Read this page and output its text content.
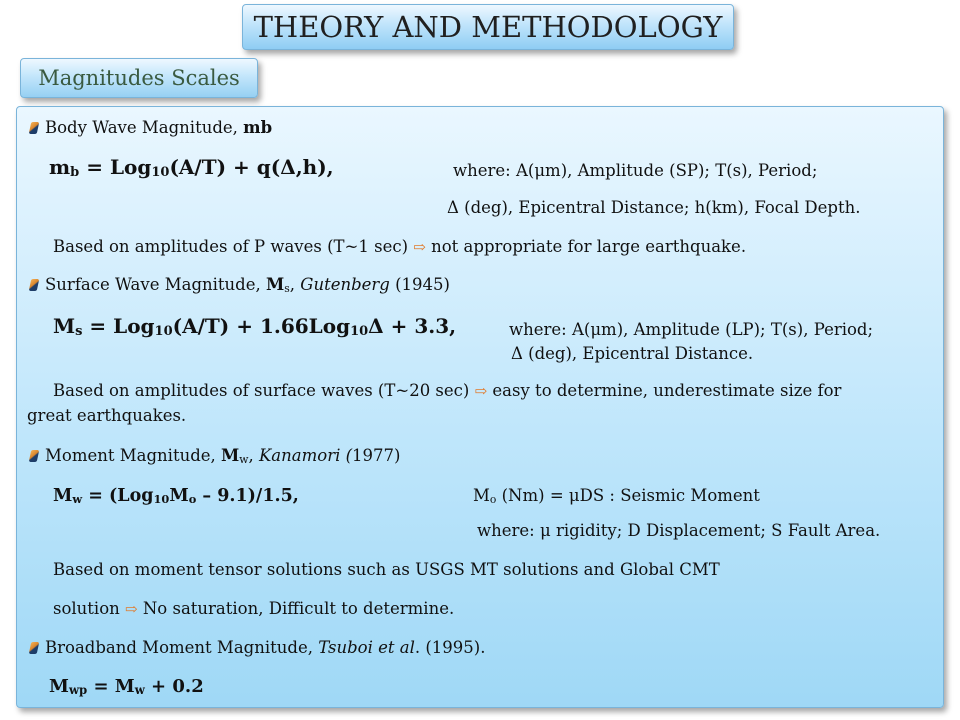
THEORY AND METHODOLOGY
Magnitudes Scales
Body Wave Magnitude, mb
$m_b = Log_{10}(A/T) + q(\Delta,h)$,	where: A(μm), Amplitude (SP); T(s), Period;
Δ (deg), Epicentral Distance; h(km), Focal Depth.
Based on amplitudes of P waves (T~1 sec) ⇨ not appropriate for large earthquake.
Surface Wave Magnitude, $M_s$, Gutenberg (1945)
$M_s = Log_{10}(A/T) + 1.66Log_{10}\Delta + 3.3$,	where: A(μm), Amplitude (LP); T(s), Period;
Δ (deg), Epicentral Distance.
Based on amplitudes of surface waves (T~20 sec) ⇨ easy to determine, underestimate size for
great earthquakes.
Moment Magnitude, $M_w$, Kanamori (1977)
$M_w = (Log_{10}M_o - 9.1)/1.5$,	$M_o$ (Nm) = μDS : Seismic Moment
where: μ rigidity; D Displacement; S Fault Area.
Based on moment tensor solutions such as USGS MT solutions and Global CMT
solution ⇨ No saturation, Difficult to determine.
Broadband Moment Magnitude, Tsuboi et al. (1995).
$M_{wp} = M_w + 0.2$
